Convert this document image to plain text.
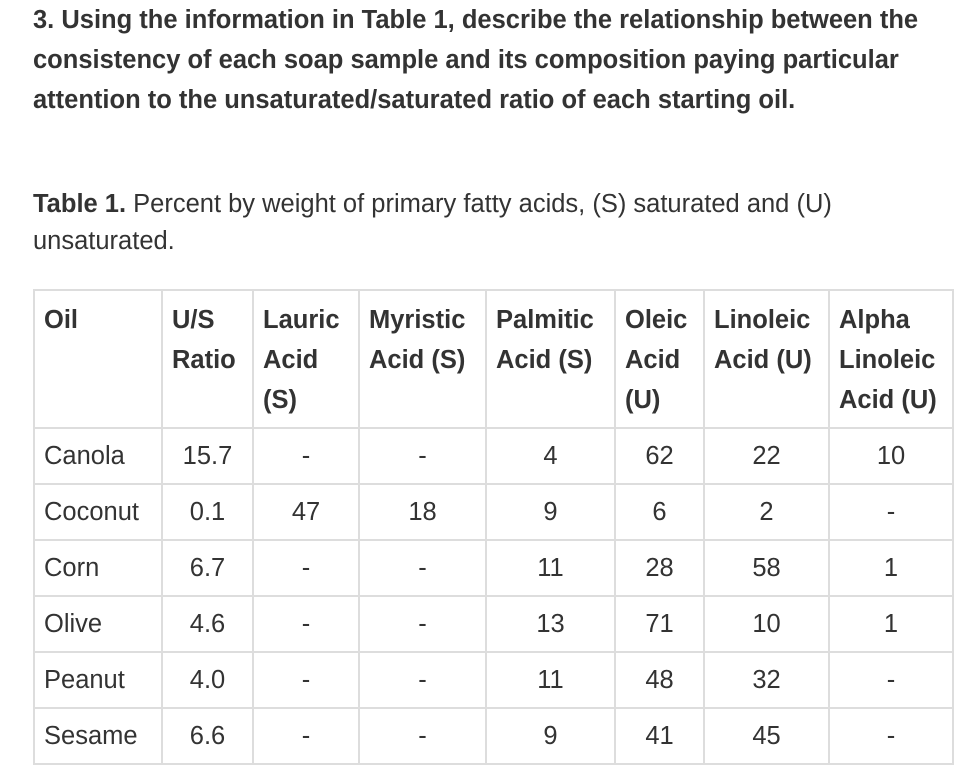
3. Using the information in Table 1, describe the relationship between the consistency of each soap sample and its composition paying particular attention to the unsaturated/saturated ratio of each starting oil.
Table 1. Percent by weight of primary fatty acids, (S) saturated and (U) unsaturated.
Oil	U/S Ratio	Lauric Acid (S)	Myristic Acid (S)	Palmitic Acid (S)	Oleic Acid (U)	Linoleic Acid (U)	Alpha Linoleic Acid (U)
Canola	15.7	-	-	4	62	22	10
Coconut	0.1	47	18	9	6	2	-
Corn	6.7	-	-	11	28	58	1
Olive	4.6	-	-	13	71	10	1
Peanut	4.0	-	-	11	48	32	-
Sesame	6.6	-	-	9	41	45	-
